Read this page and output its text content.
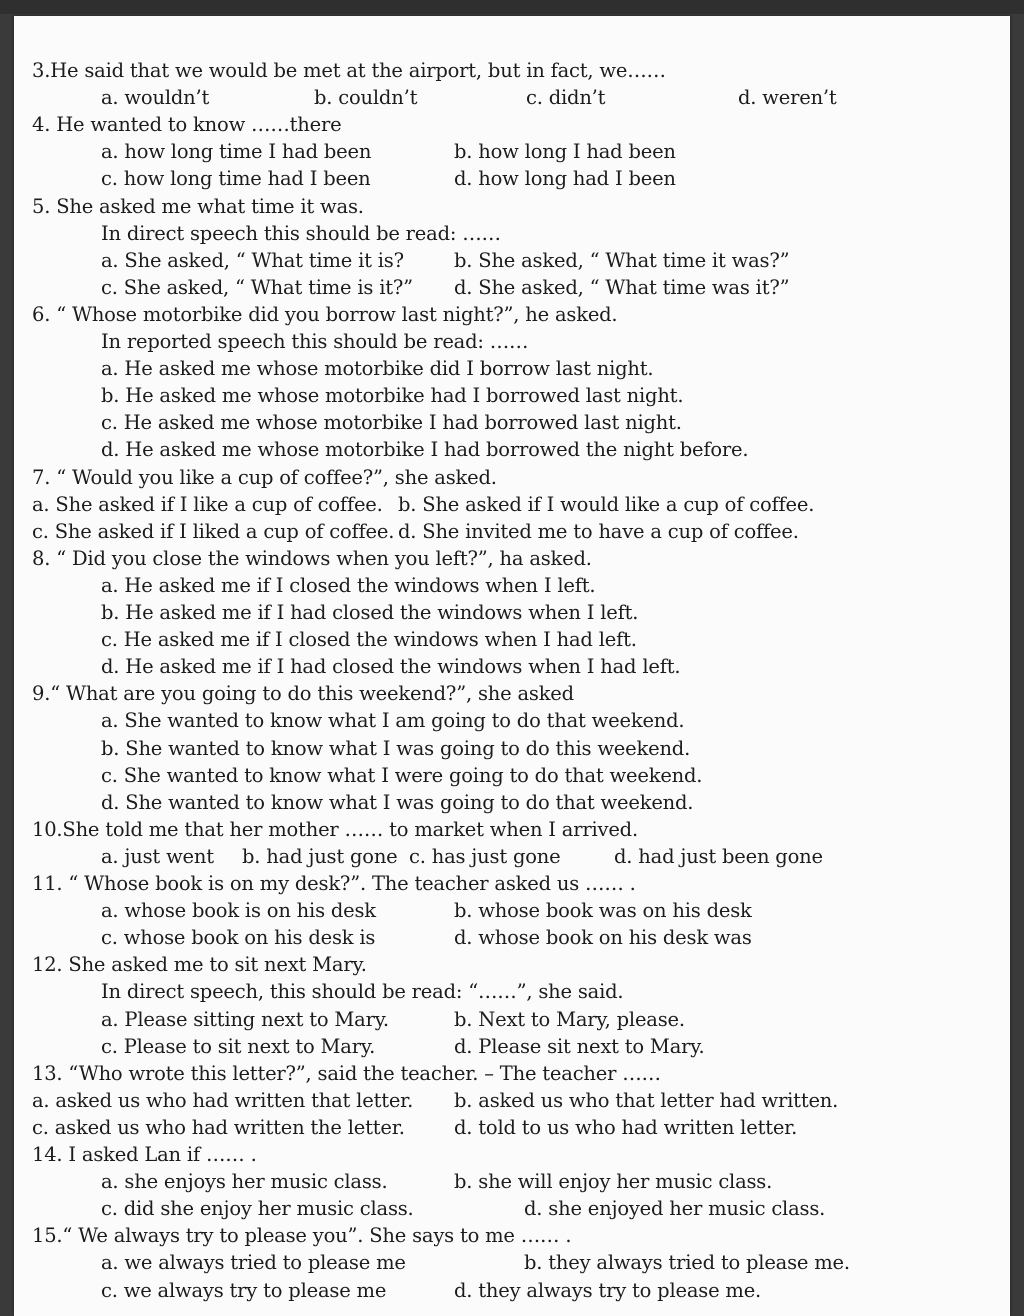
3.He said that we would be met at the airport, but in fact, we……
a. wouldn’t	b. couldn’t	c. didn’t	d. weren’t
4. He wanted to know ……there
a. how long time I had been	b. how long I had been
c. how long time had I been	d. how long had I been
5. She asked me what time it was.
In direct speech this should be read: ……
a. She asked, “ What time it is?	b. She asked, “ What time it was?”
c. She asked, “ What time is it?” d. She asked, “ What time was it?”
6. “ Whose motorbike did you borrow last night?”, he asked.
In reported speech this should be read: ……
a. He asked me whose motorbike did I borrow last night.
b. He asked me whose motorbike had I borrowed last night.
c. He asked me whose motorbike I had borrowed last night.
d. He asked me whose motorbike I had borrowed the night before.
7. “ Would you like a cup of coffee?”, she asked.
a. She asked if I like a cup of coffee. b. She asked if I would like a cup of coffee.
c. She asked if I liked a cup of coffee. d. She invited me to have a cup of coffee.
8. “ Did you close the windows when you left?”, ha asked.
a. He asked me if I closed the windows when I left.
b. He asked me if I had closed the windows when I left.
c. He asked me if I closed the windows when I had left.
d. He asked me if I had closed the windows when I had left.
9.“ What are you going to do this weekend?”, she asked
a. She wanted to know what I am going to do that weekend.
b. She wanted to know what I was going to do this weekend.
c. She wanted to know what I were going to do that weekend.
d. She wanted to know what I was going to do that weekend.
10.She told me that her mother …… to market when I arrived.
a. just went b. had just gone c. has just gone	d. had just been gone
11. “ Whose book is on my desk?”. The teacher asked us …… .
a. whose book is on his desk	b. whose book was on his desk
c. whose book on his desk is	d. whose book on his desk was
12. She asked me to sit next Mary.
In direct speech, this should be read: “……”, she said.
a. Please sitting next to Mary.	b. Next to Mary, please.
c. Please to sit next to Mary.	d. Please sit next to Mary.
13. “Who wrote this letter?”, said the teacher. – The teacher ……
a. asked us who had written that letter. b. asked us who that letter had written.
c. asked us who had written the letter.	d. told to us who had written letter.
14. I asked Lan if …… .
a. she enjoys her music class.	b. she will enjoy her music class.
c. did she enjoy her music class.	d. she enjoyed her music class.
15.“ We always try to please you”. She says to me …… .
a. we always tried to please me	b. they always tried to please me.
c. we always try to please me	d. they always try to please me.
